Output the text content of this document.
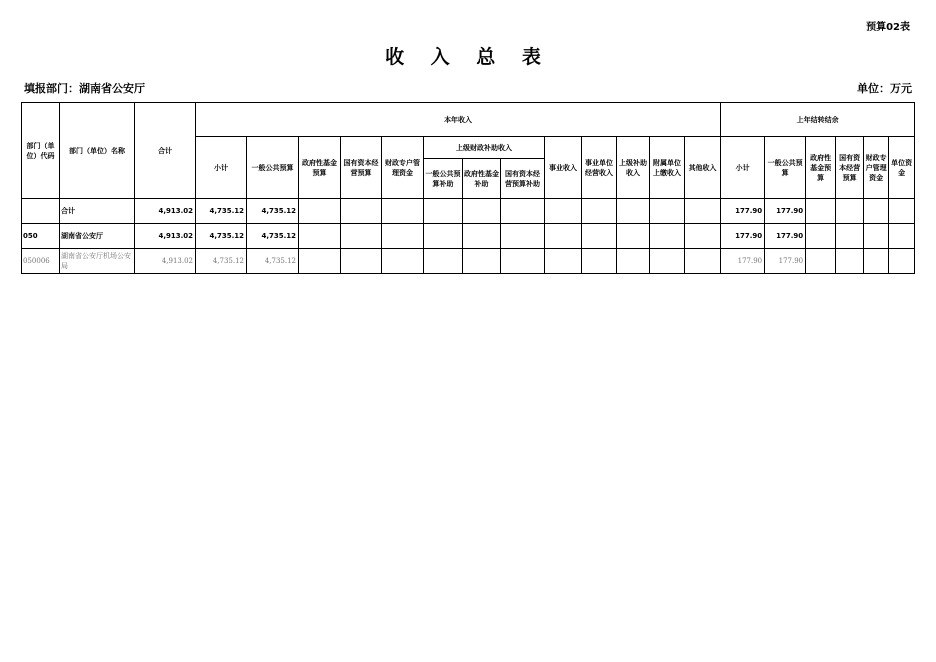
预算02表
收 入 总 表
填报部门：湖南省公安厅	单位：万元
部门（单位）代码	部门（单位）名称	合计	本年收入													上年结转结余					
			小计	一般公共预算	政府性基金预算	国有资本经营预算	财政专户管理资金	上级财政补助收入			事业收入	事业单位经营收入	上级补助收入	附属单位上缴收入	其他收入	小计	一般公共预算	政府性基金预算	国有资本经营预算	财政专户管理资金	单位资金
								一般公共预算补助	政府性基金补助	国有资本经营预算补助											
	合计	4,913.02	4,735.12	4,735.12												177.90	177.90				
050	湖南省公安厅	4,913.02	4,735.12	4,735.12												177.90	177.90				
050006	湖南省公安厅机场公安局	4,913.02	4,735.12	4,735.12												177.90	177.90				
